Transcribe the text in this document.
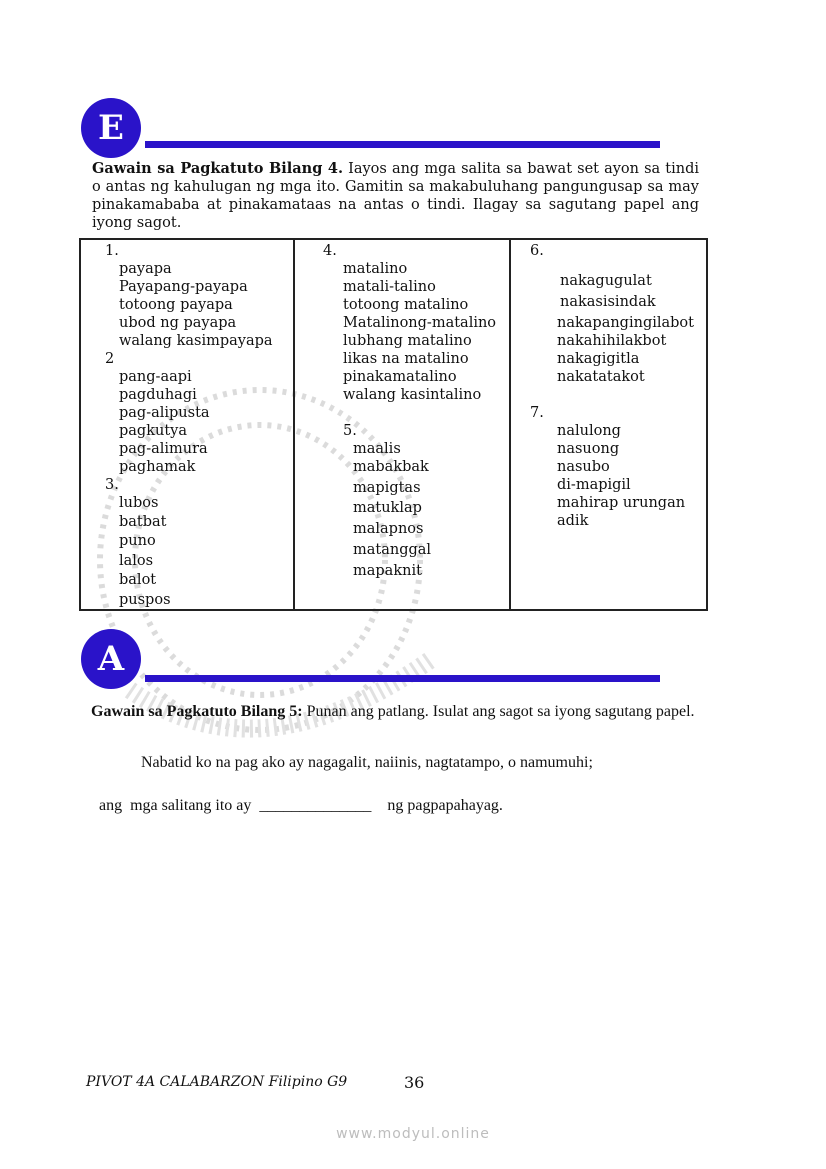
E
Gawain sa Pagkatuto Bilang 4. Iayos ang mga salita sa bawat set ayon sa tindi o antas ng kahulugan ng mga ito. Gamitin sa makabuluhang pangungusap sa may pinakamababa at pinakamataas na antas o tindi. Ilagay sa sagutang papel ang iyong sagot.
1.
payapa
Payapang-payapa
totoong payapa
ubod ng payapa
walang kasimpayapa
2
pang-aapi
pagduhagi
pag-alipusta
pagkutya
pag-alimura
paghamak
3.
lubos
batbat
puno
lalos
balot
puspos
4.
matalino
matali-talino
totoong matalino
Matalinong-matalino
lubhang matalino
likas na matalino
pinakamatalino
walang kasintalino
5.
maalis
mabakbak
mapigtas
matuklap
malapnos
matanggal
mapaknit
6.
nakagugulat
nakasisindak
nakapangingilabot
nakahihilakbot
nakagigitla
nakatatakot
7.
nalulong
nasuong
nasubo
di-mapigil
mahirap urungan
adik
A
Gawain sa Pagkatuto Bilang 5: Punan ang patlang. Isulat ang sagot sa iyong sagutang papel.
Nabatid ko na pag ako ay nagagalit, naiinis, nagtatampo, o namumuhi;

ang  mga salitang ito ay ______________ ng pagpapahayag.

PIVOT 4A CALABARZON Filipino G9	36
www.modyul.online
